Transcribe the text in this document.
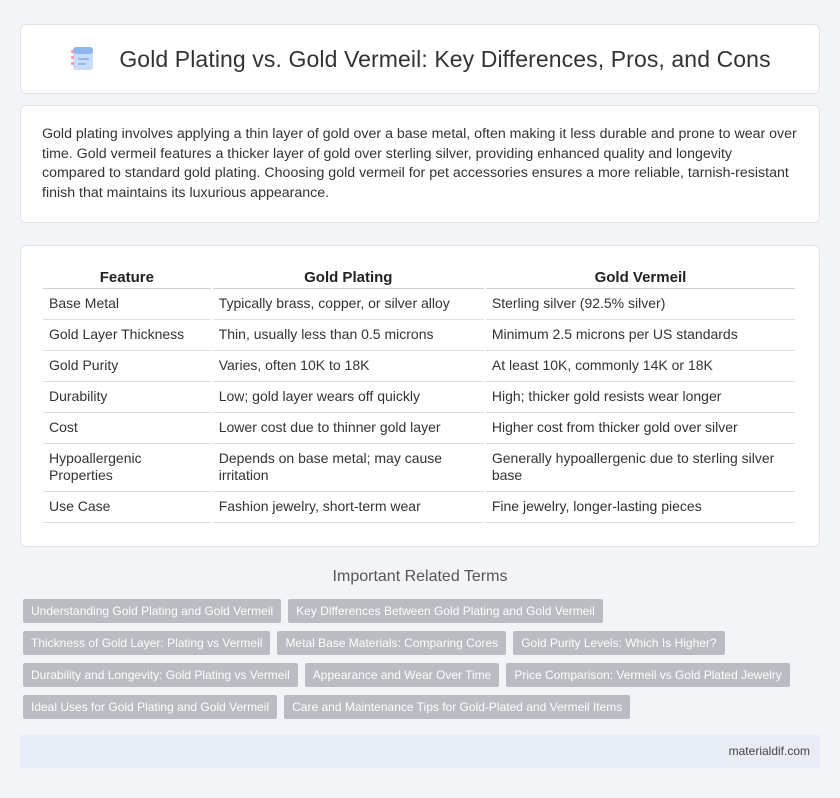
Gold Plating vs. Gold Vermeil: Key Differences, Pros, and Cons

Gold plating involves applying a thin layer of gold over a base metal, often making it less durable and prone to wear over time. Gold vermeil features a thicker layer of gold over sterling silver, providing enhanced quality and longevity compared to standard gold plating. Choosing gold vermeil for pet accessories ensures a more reliable, tarnish-resistant finish that maintains its luxurious appearance.

Feature	Gold Plating	Gold Vermeil
Base Metal	Typically brass, copper, or silver alloy	Sterling silver (92.5% silver)
Gold Layer Thickness	Thin, usually less than 0.5 microns	Minimum 2.5 microns per US standards
Gold Purity	Varies, often 10K to 18K	At least 10K, commonly 14K or 18K
Durability	Low; gold layer wears off quickly	High; thicker gold resists wear longer
Cost	Lower cost due to thinner gold layer	Higher cost from thicker gold over silver
Hypoallergenic Properties	Depends on base metal; may cause irritation	Generally hypoallergenic due to sterling silver base
Use Case	Fashion jewelry, short-term wear	Fine jewelry, longer-lasting pieces
Important Related Terms
Understanding Gold Plating and Gold Vermeil	Key Differences Between Gold Plating and Gold Vermeil
Thickness of Gold Layer: Plating vs Vermeil	Metal Base Materials: Comparing Cores	Gold Purity Levels: Which Is Higher?
Durability and Longevity: Gold Plating vs Vermeil	Appearance and Wear Over Time	Price Comparison: Vermeil vs Gold Plated Jewelry
Ideal Uses for Gold Plating and Gold Vermeil	Care and Maintenance Tips for Gold-Plated and Vermeil Items
materialdif.com
